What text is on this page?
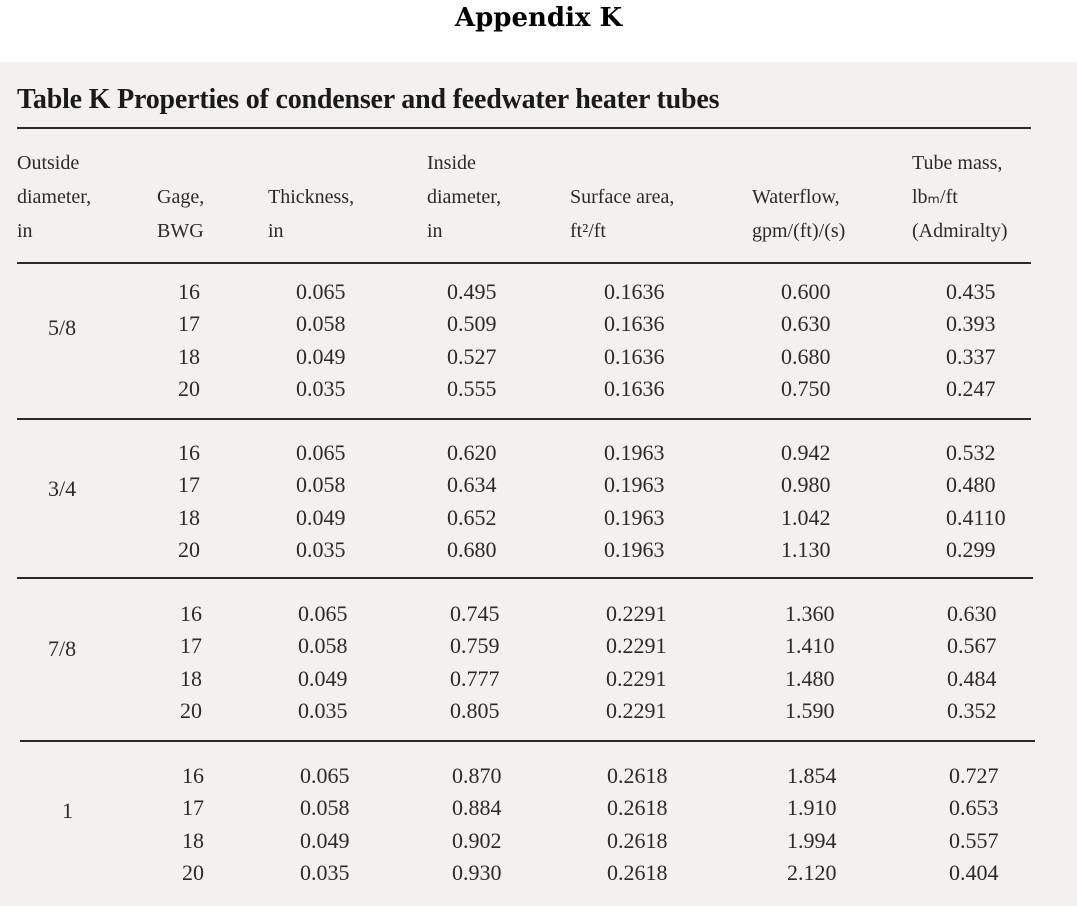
Appendix K
Table K Properties of condenser and feedwater heater tubes
Outside
diameter,
in

Gage,
BWG

Thickness,
in
Inside
diameter,
in

Surface area,
ft²/ft

Waterflow,
gpm/(ft)/(s)
Tube mass,
lbₘ/ft
(Admiralty)
5/8
16
17
18
20
0.065
0.058
0.049
0.035
0.495
0.509
0.527
0.555
0.1636
0.1636
0.1636
0.1636
0.600
0.630
0.680
0.750
0.435
0.393
0.337
0.247
3/4
16
17
18
20
0.065
0.058
0.049
0.035
0.620
0.634
0.652
0.680
0.1963
0.1963
0.1963
0.1963
0.942
0.980
1.042
1.130
0.532
0.480
0.4110
0.299
7/8
16
17
18
20
0.065
0.058
0.049
0.035
0.745
0.759
0.777
0.805
0.2291
0.2291
0.2291
0.2291
1.360
1.410
1.480
1.590
0.630
0.567
0.484
0.352
1
16
17
18
20
0.065
0.058
0.049
0.035
0.870
0.884
0.902
0.930
0.2618
0.2618
0.2618
0.2618
1.854
1.910
1.994
2.120
0.727
0.653
0.557
0.404
